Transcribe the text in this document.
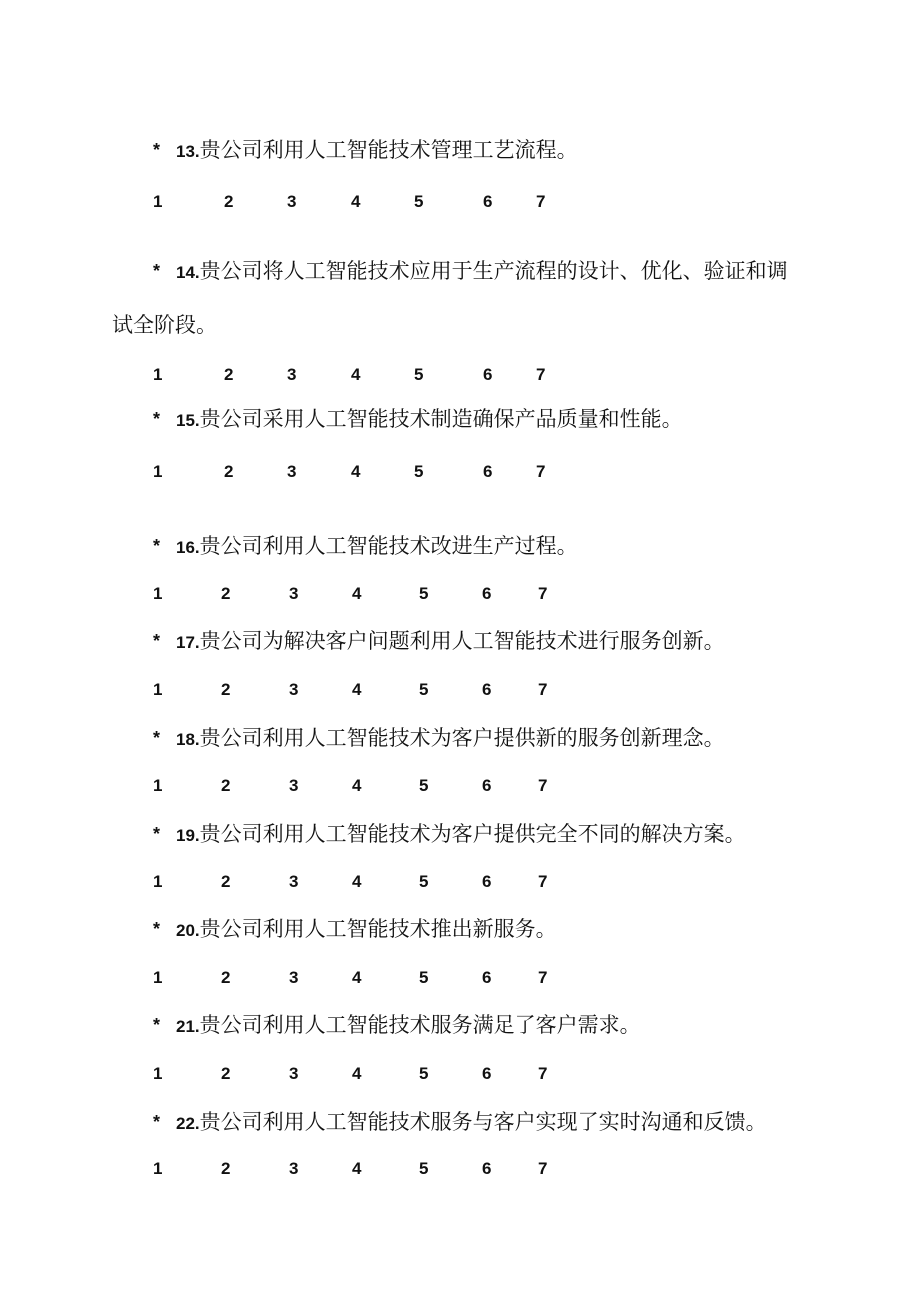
* 13.贵公司利用人工智能技术管理工艺流程。
1	2	3	4	5	6	7
* 14.贵公司将人工智能技术应用于生产流程的设计、优化、验证和调
试全阶段。
1	2	3	4	5	6	7
* 15.贵公司采用人工智能技术制造确保产品质量和性能。
1	2	3	4	5	6	7
* 16.贵公司利用人工智能技术改进生产过程。
1	2	3	4	5	6	7
* 17.贵公司为解决客户问题利用人工智能技术进行服务创新。
1	2	3	4	5	6	7
* 18.贵公司利用人工智能技术为客户提供新的服务创新理念。
1	2	3	4	5	6	7
* 19.贵公司利用人工智能技术为客户提供完全不同的解决方案。
1	2	3	4	5	6	7
* 20.贵公司利用人工智能技术推出新服务。
1	2	3	4	5	6	7
* 21.贵公司利用人工智能技术服务满足了客户需求。
1	2	3	4	5	6	7
* 22.贵公司利用人工智能技术服务与客户实现了实时沟通和反馈。
1	2	3	4	5	6	7
